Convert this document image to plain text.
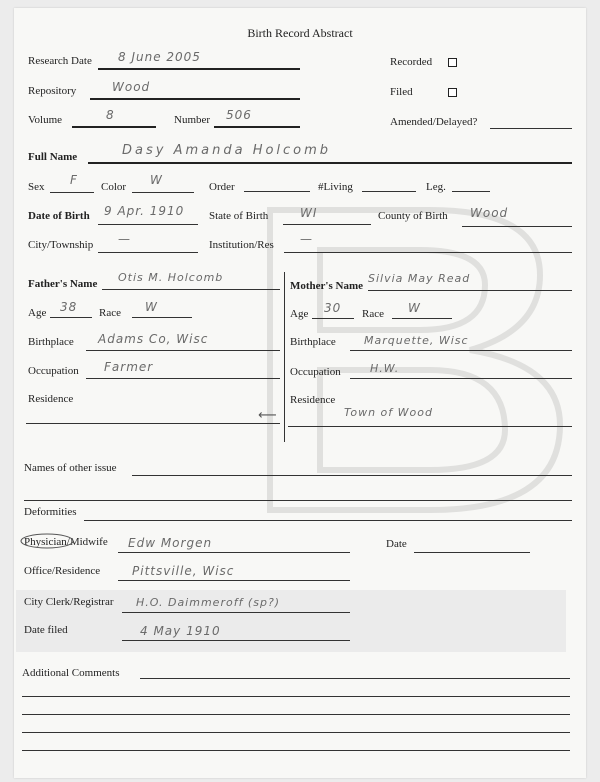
Birth Record Abstract
Research Date 8 June 2005	Recorded
Repository	Wood	Filed
Volume	8	Number 506	Amended/Delayed?
Full Name	Dasy Amanda Holcomb
Sex F Color W	Order	#Living	Leg.
Date of Birth 9 Apr. 1910 State of Birth	WI	County of Birth Wood
City/Township —	Institution/Res —
Father's Name Otis M. Holcomb
Age 38 Race W
Birthplace Adams Co, Wisc
Occupation Farmer
Residence
⟵
Mother's Name
Silvia May Read
Age 30 Race W
Birthplace	Marquette, Wisc
Occupation	H.W.
Residence
Town of Wood
Names of other issue
Deformities
Physician/Midwife Edw Morgen	Date
Office/Residence	Pittsville, Wisc
City Clerk/Registrar H.O. Daimmeroff (sp?)
Date filed	4 May 1910
Additional Comments
